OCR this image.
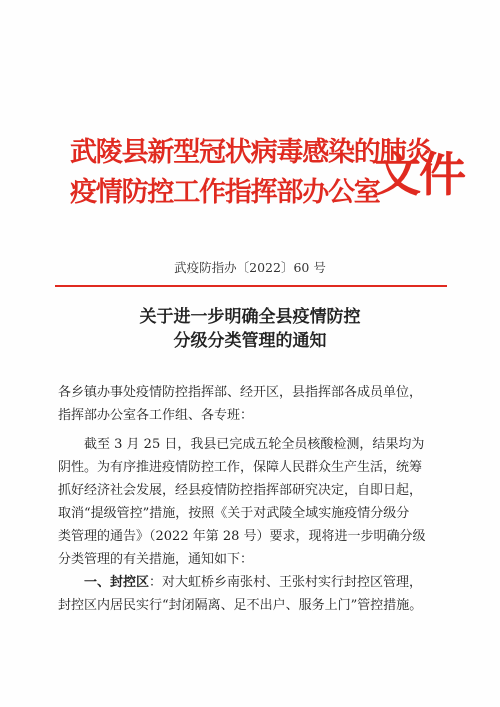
武陵县新型冠状病毒感染的肺炎
疫情防控工作指挥部办公室
文件
武疫防指办〔2022〕60 号
关于进一步明确全县疫情防控
分级分类管理的通知
各乡镇办事处疫情防控指挥部、经开区，县指挥部各成员单位，
指挥部办公室各工作组、各专班：
截至 3 月 25 日，我县已完成五轮全员核酸检测，结果均为
阴性。为有序推进疫情防控工作，保障人民群众生产生活，统筹
抓好经济社会发展，经县疫情防控指挥部研究决定，自即日起，
取消“提级管控”措施，按照《关于对武陵全域实施疫情分级分
类管理的通告》（2022 年第 28 号）要求，现将进一步明确分级
分类管理的有关措施，通知如下：
一、封控区：对大虹桥乡南张村、王张村实行封控区管理，
封控区内居民实行“封闭隔离、足不出户、服务上门”管控措施。
